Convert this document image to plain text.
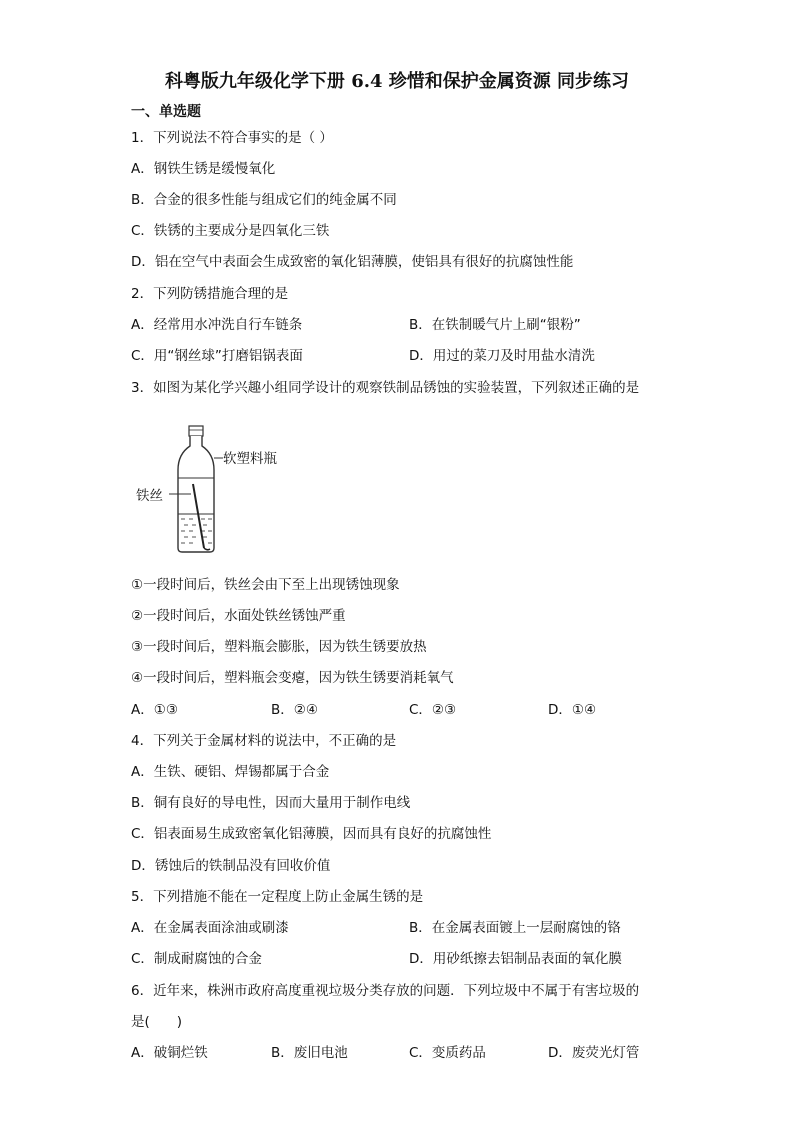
科粤版九年级化学下册 6.4 珍惜和保护金属资源 同步练习
一、单选题
1．下列说法不符合事实的是（ ）
A．钢铁生锈是缓慢氧化
B．合金的很多性能与组成它们的纯金属不同
C．铁锈的主要成分是四氧化三铁
D．铝在空气中表面会生成致密的氧化铝薄膜，使铝具有很好的抗腐蚀性能
2．下列防锈措施合理的是
A．经常用水冲洗自行车链条	B．在铁制暖气片上刷“银粉”
C．用“钢丝球”打磨铝锅表面	D．用过的菜刀及时用盐水清洗
3．如图为某化学兴趣小组同学设计的观察铁制品锈蚀的实验装置，下列叙述正确的是
软塑料瓶
铁丝
①一段时间后，铁丝会由下至上出现锈蚀现象
②一段时间后，水面处铁丝锈蚀严重
③一段时间后，塑料瓶会膨胀，因为铁生锈要放热
④一段时间后，塑料瓶会变瘪，因为铁生锈要消耗氧气
A．①③	B．②④	C．②③	D．①④
4．下列关于金属材料的说法中，不正确的是
A．生铁、硬铝、焊锡都属于合金
B．铜有良好的导电性，因而大量用于制作电线
C．铝表面易生成致密氧化铝薄膜，因而具有良好的抗腐蚀性
D．锈蚀后的铁制品没有回收价值
5．下列措施不能在一定程度上防止金属生锈的是
A．在金属表面涂油或刷漆	B．在金属表面镀上一层耐腐蚀的铬
C．制成耐腐蚀的合金	D．用砂纸擦去铝制品表面的氧化膜
6．近年来，株洲市政府高度重视垃圾分类存放的问题．下列垃圾中不属于有害垃圾的
是(　　)
A．破铜烂铁	B．废旧电池	C．变质药品	D．废荧光灯管
